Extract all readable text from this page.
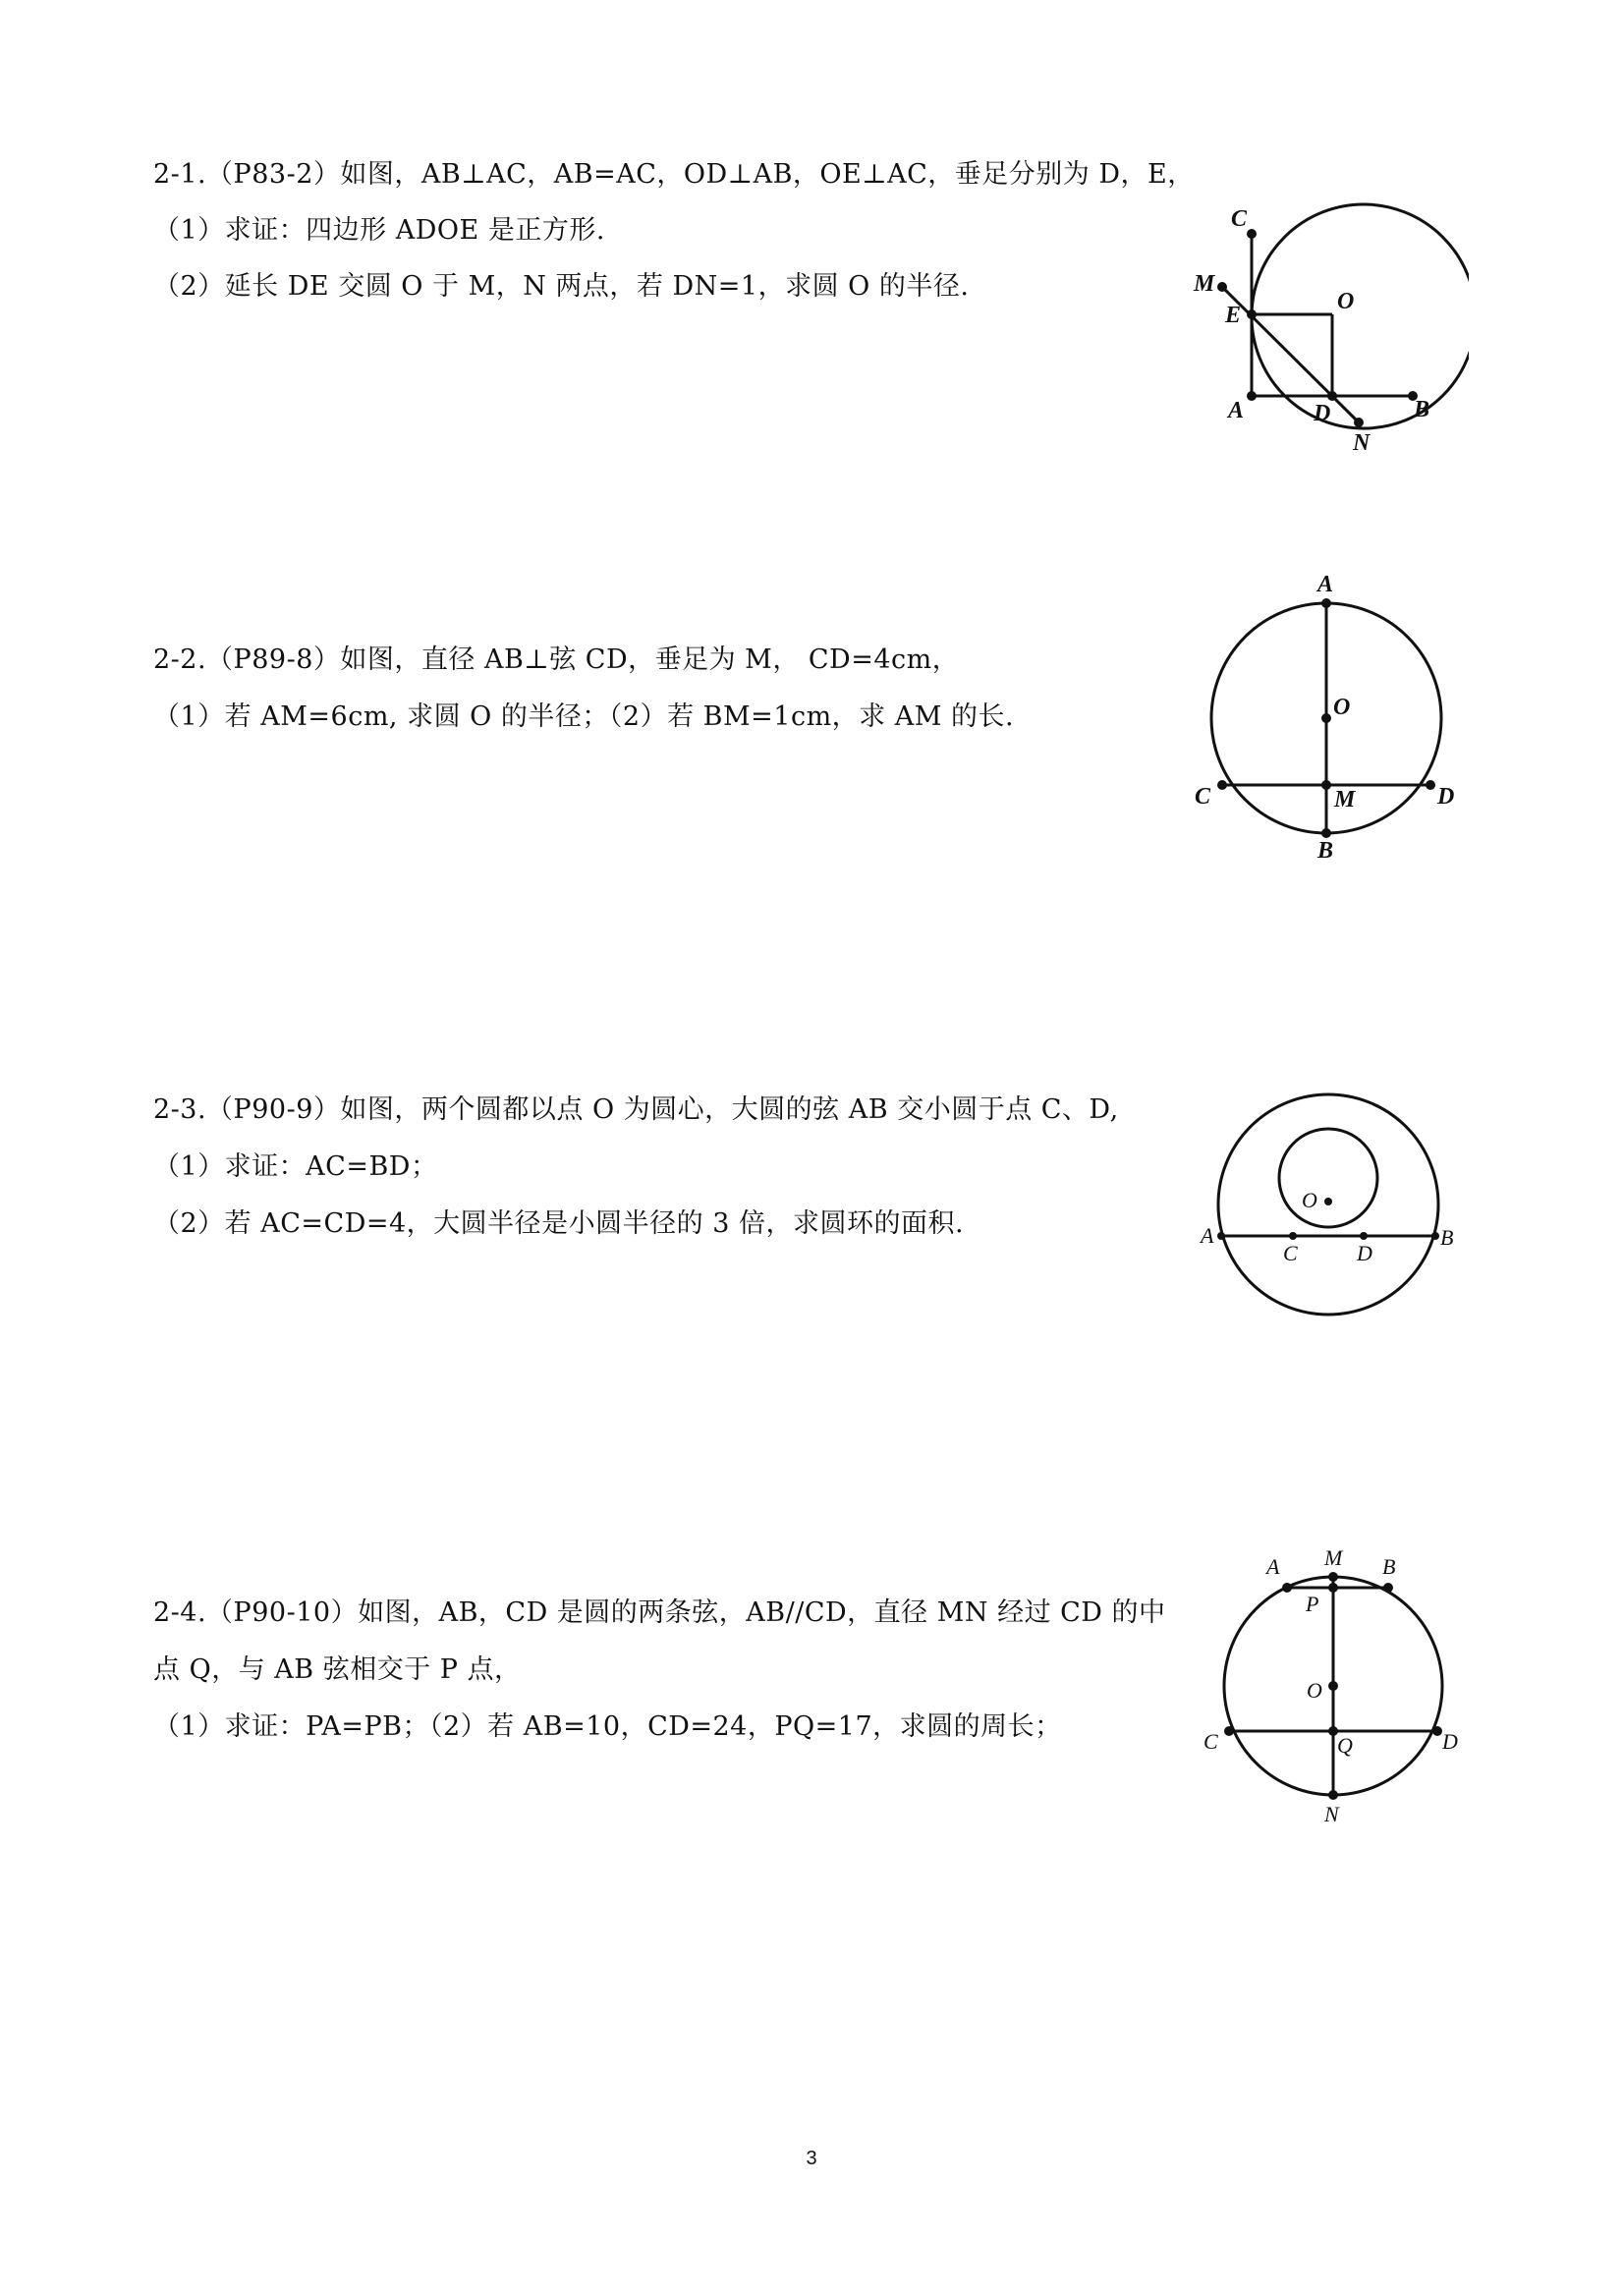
2-1.（P83-2）如图，AB⊥AC，AB=AC，OD⊥AB，OE⊥AC，垂足分别为 D，E，
（1）求证：四边形 ADOE 是正方形.
（2）延长 DE 交圆 O 于 M，N 两点，若 DN=1，求圆 O 的半径.
C
M
E
O
A	D	B
N
2-2.（P89-8）如图，直径 AB⊥弦 CD，垂足为 M， CD=4cm，
（1）若 AM=6cm, 求圆 O 的半径；（2）若 BM=1cm，求 AM 的长.
A
O
C	M	D
B
2-3.（P90-9）如图，两个圆都以点 O 为圆心，大圆的弦 AB 交小圆于点 C、D,
（1）求证：AC=BD；
（2）若 AC=CD=4，大圆半径是小圆半径的 3 倍，求圆环的面积.
O
A
C	D
B
2-4.（P90-10）如图，AB，CD 是圆的两条弦，AB//CD，直径 MN 经过 CD 的中
点 Q，与 AB 弦相交于 P 点，
（1）求证：PA=PB；（2）若 AB=10，CD=24，PQ=17，求圆的周长；
A M B
P
O
C	Q	D
N
3
